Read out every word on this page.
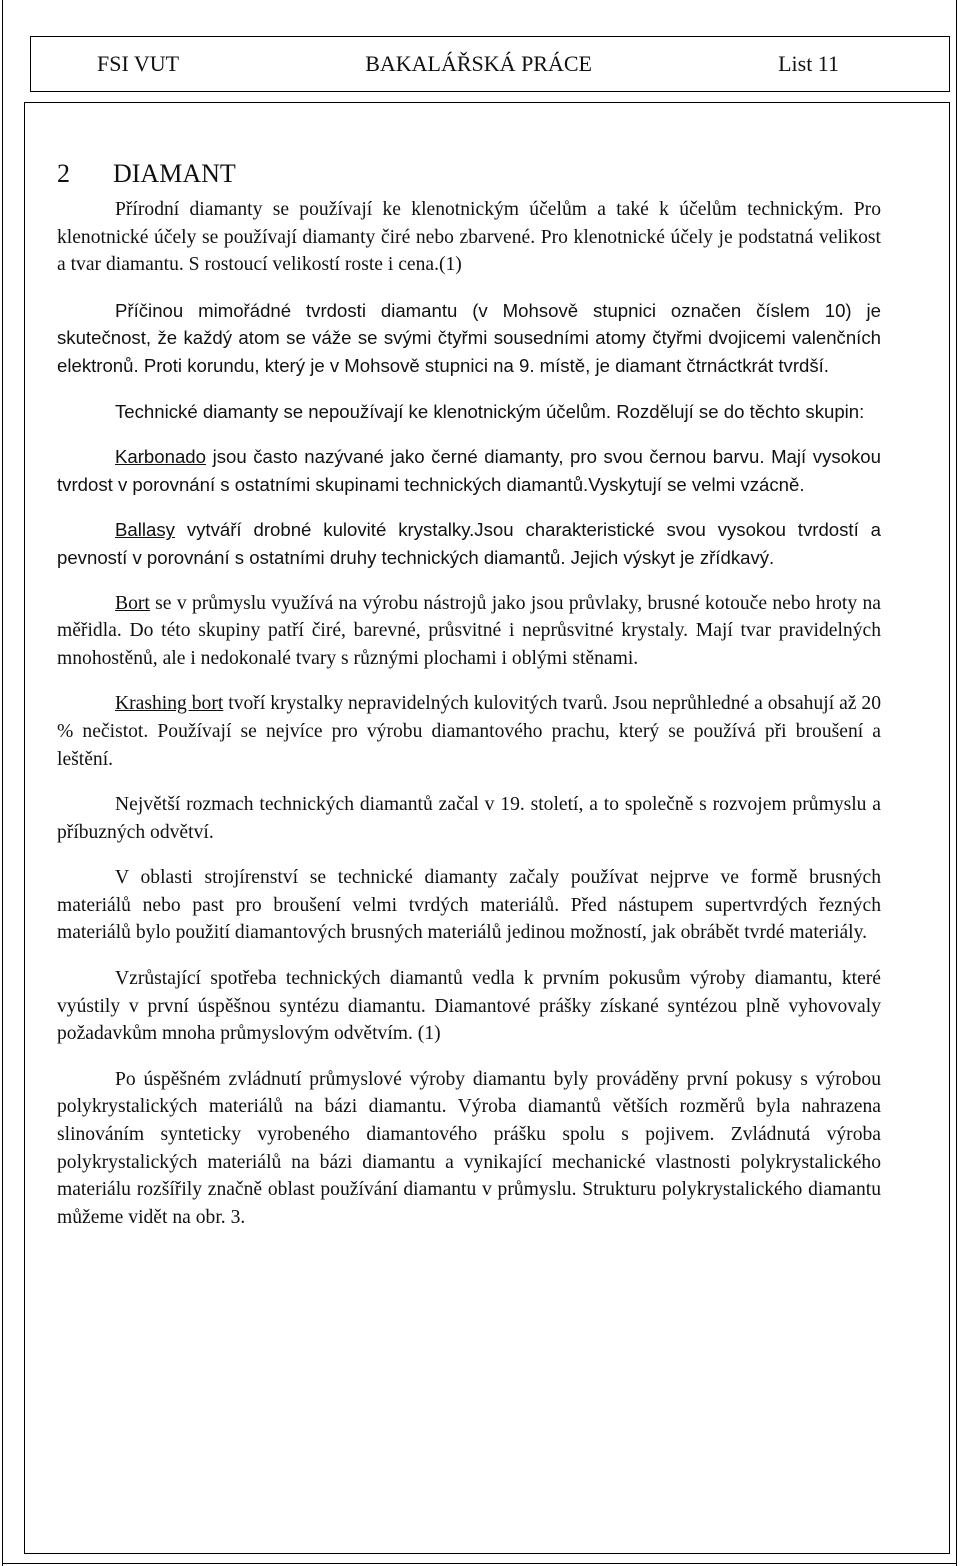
FSI VUT	BAKALÁŘSKÁ PRÁCE	List 11
2 DIAMANT

Přírodní diamanty se používají ke klenotnickým účelům a také k účelům technickým. Pro klenotnické účely se používají diamanty čiré nebo zbarvené. Pro klenotnické účely je podstatná velikost a tvar diamantu. S rostoucí velikostí roste i cena.(1)

Příčinou mimořádné tvrdosti diamantu (v Mohsově stupnici označen číslem 10) je skutečnost, že každý atom se váže se svými čtyřmi sousedními atomy čtyřmi dvojicemi valenčních elektronů. Proti korundu, který je v Mohsově stupnici na 9. místě, je diamant čtrnáctkrát tvrdší.

Technické diamanty se nepoužívají ke klenotnickým účelům. Rozdělují se do těchto skupin:

Karbonado jsou často nazývané jako černé diamanty, pro svou černou barvu. Mají vysokou tvrdost v porovnání s ostatními skupinami technických diamantů.Vyskytují se velmi vzácně.

Ballasy vytváří drobné kulovité krystalky.Jsou charakteristické svou vysokou tvrdostí a pevností v porovnání s ostatními druhy technických diamantů. Jejich výskyt je zřídkavý.

Bort se v průmyslu využívá na výrobu nástrojů jako jsou průvlaky, brusné kotouče nebo hroty na měřidla. Do této skupiny patří čiré, barevné, průsvitné i neprůsvitné krystaly. Mají tvar pravidelných mnohostěnů, ale i nedokonalé tvary s různými plochami i oblými stěnami.

Krashing bort tvoří krystalky nepravidelných kulovitých tvarů. Jsou neprůhledné a obsahují až 20 % nečistot. Používají se nejvíce pro výrobu diamantového prachu, který se používá při broušení a leštění.

Největší rozmach technických diamantů začal v 19. století, a to společně s rozvojem průmyslu a příbuzných odvětví.

V oblasti strojírenství se technické diamanty začaly používat nejprve ve formě brusných materiálů nebo past pro broušení velmi tvrdých materiálů. Před nástupem supertvrdých řezných materiálů bylo použití diamantových brusných materiálů jedinou možností, jak obrábět tvrdé materiály.

Vzrůstající spotřeba technických diamantů vedla k prvním pokusům výroby diamantu, které vyústily v první úspěšnou syntézu diamantu. Diamantové prášky získané syntézou plně vyhovovaly požadavkům mnoha průmyslovým odvětvím. (1)

Po úspěšném zvládnutí průmyslové výroby diamantu byly prováděny první pokusy s výrobou polykrystalických materiálů na bázi diamantu. Výroba diamantů větších rozměrů byla nahrazena slinováním synteticky vyrobeného diamantového prášku spolu s pojivem. Zvládnutá výroba polykrystalických materiálů na bázi diamantu a vynikající mechanické vlastnosti polykrystalického materiálu rozšířily značně oblast používání diamantu v průmyslu. Strukturu polykrystalického diamantu můžeme vidět na obr. 3.
